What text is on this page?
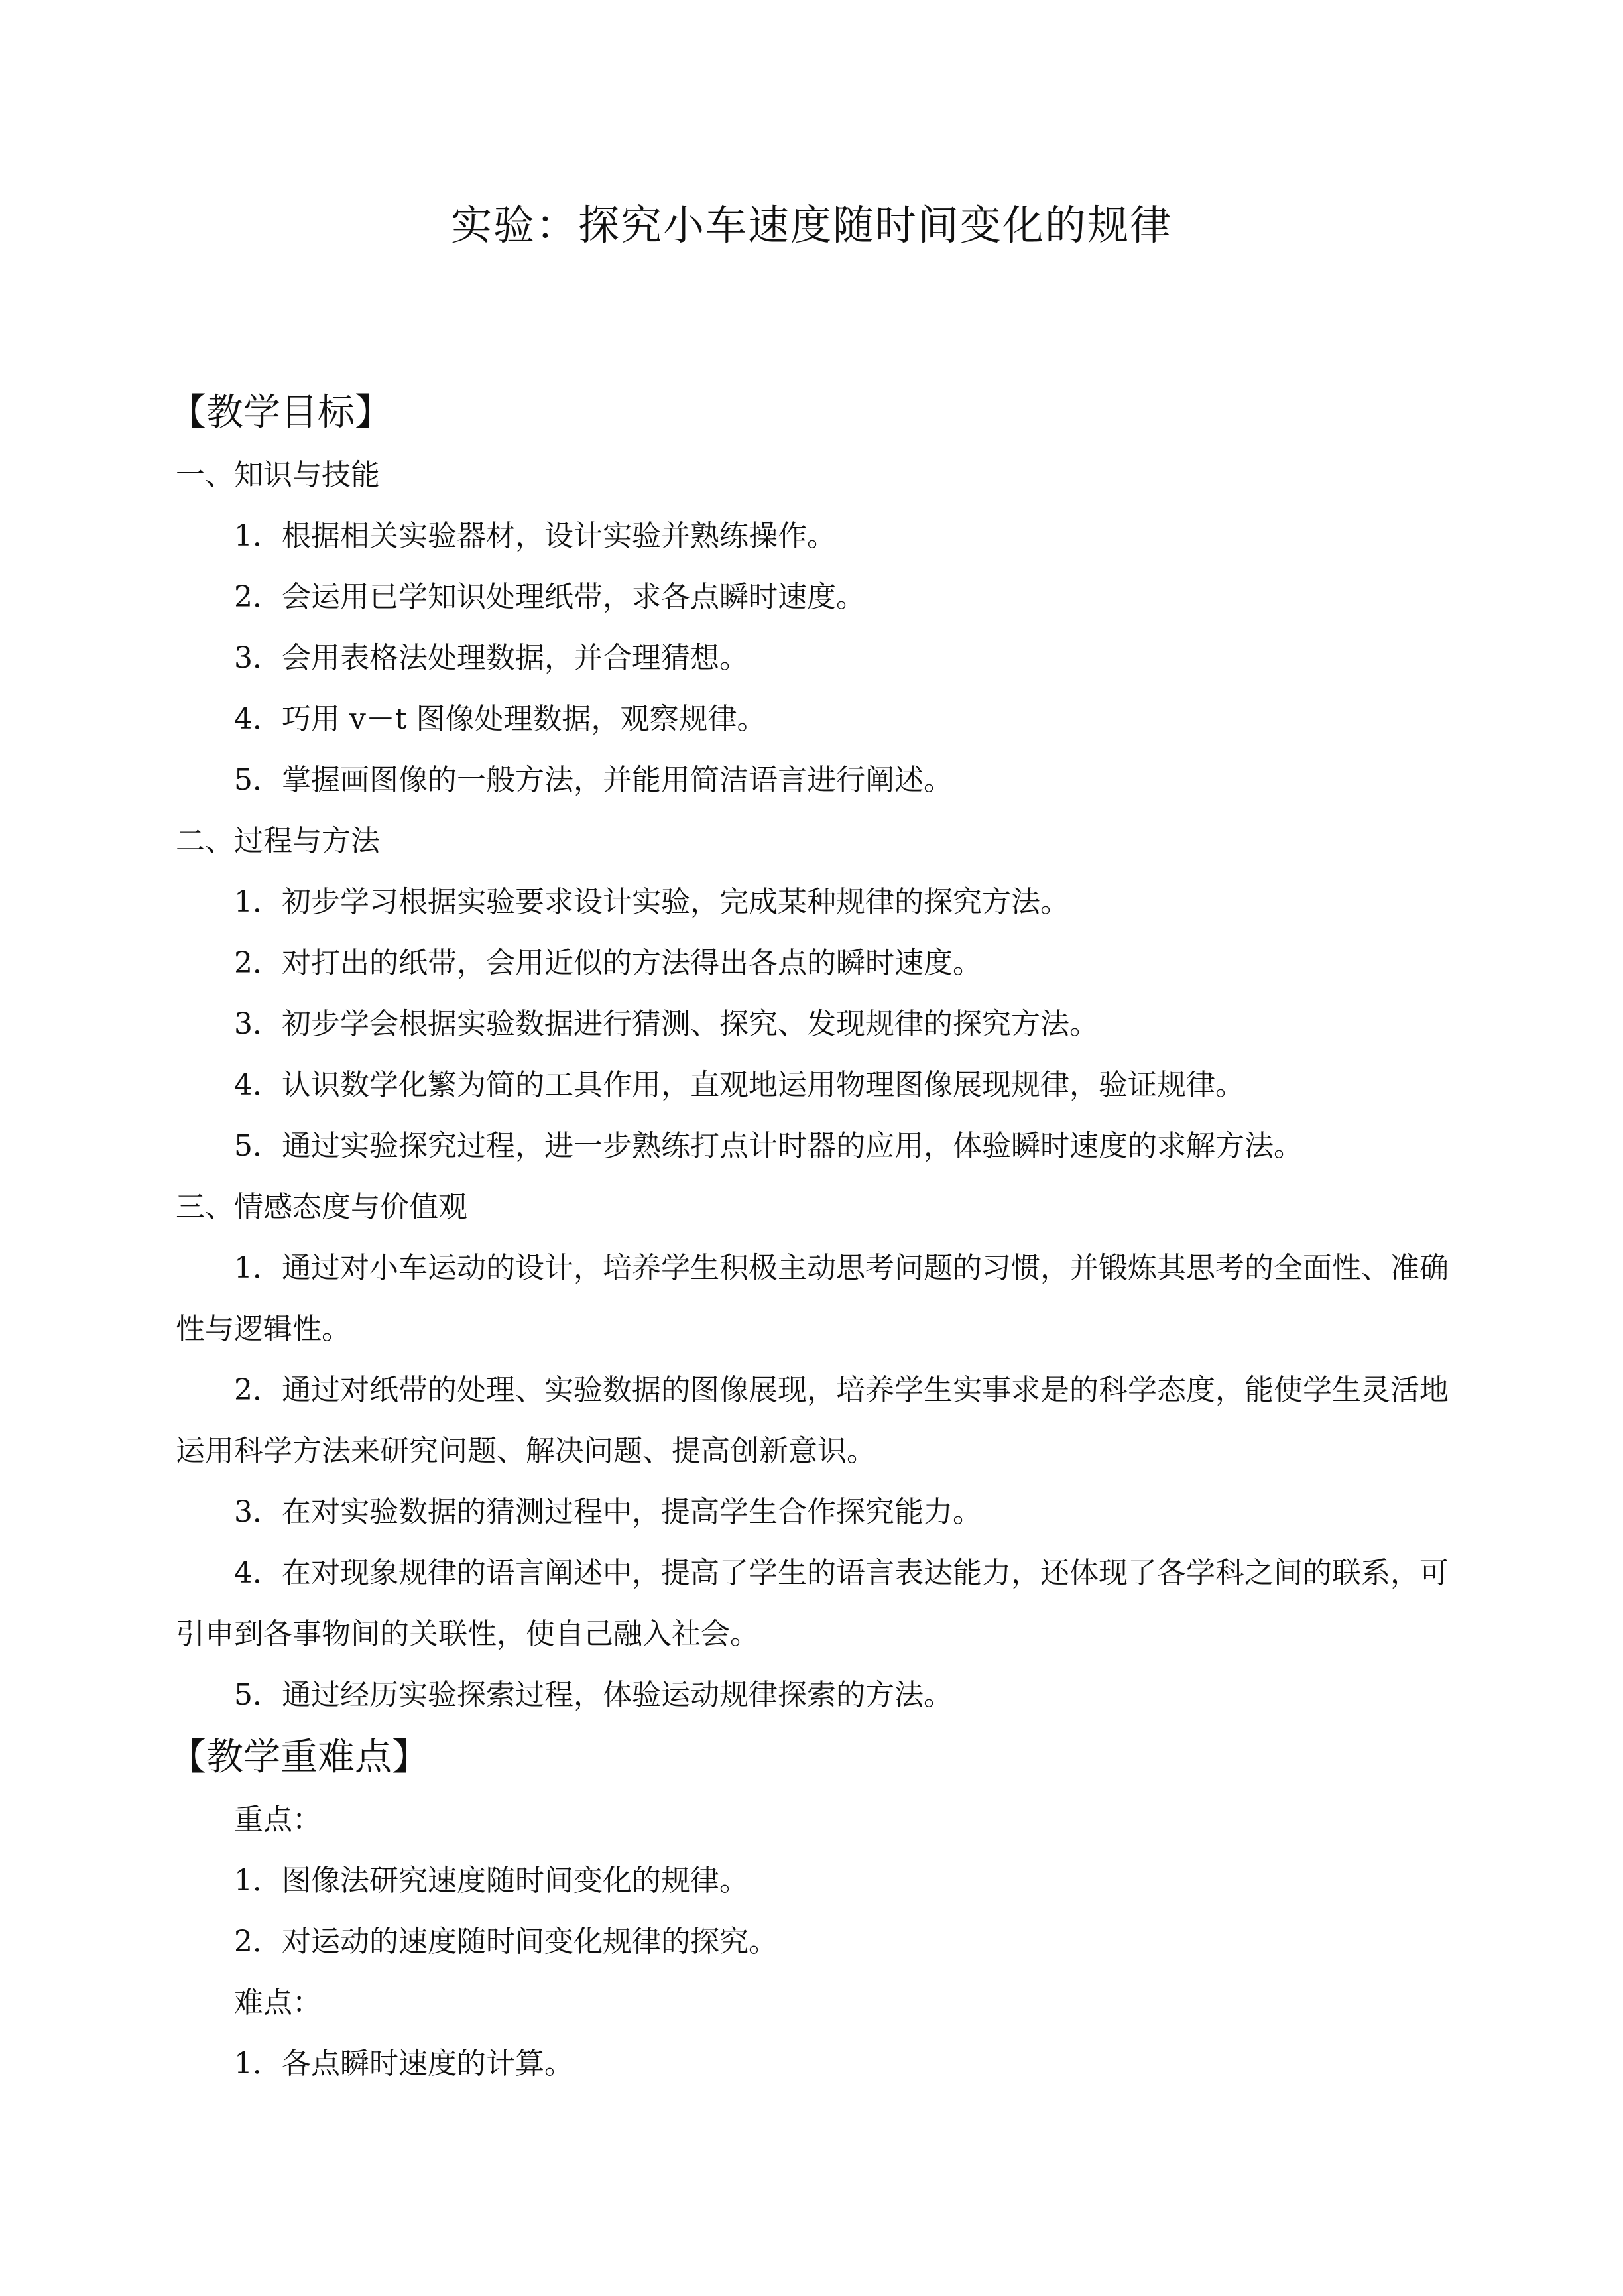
实验：探究小车速度随时间变化的规律
【教学目标】
一、知识与技能
1．根据相关实验器材，设计实验并熟练操作。
2．会运用已学知识处理纸带，求各点瞬时速度。
3．会用表格法处理数据，并合理猜想。
4．巧用 v－t 图像处理数据，观察规律。
5．掌握画图像的一般方法，并能用简洁语言进行阐述。
二、过程与方法
1．初步学习根据实验要求设计实验，完成某种规律的探究方法。
2．对打出的纸带，会用近似的方法得出各点的瞬时速度。
3．初步学会根据实验数据进行猜测、探究、发现规律的探究方法。
4．认识数学化繁为简的工具作用，直观地运用物理图像展现规律，验证规律。
5．通过实验探究过程，进一步熟练打点计时器的应用，体验瞬时速度的求解方法。
三、情感态度与价值观
1．通过对小车运动的设计，培养学生积极主动思考问题的习惯，并锻炼其思考的全面性、准确性与逻辑性。
2．通过对纸带的处理、实验数据的图像展现，培养学生实事求是的科学态度，能使学生灵活地运用科学方法来研究问题、解决问题、提高创新意识。
3．在对实验数据的猜测过程中，提高学生合作探究能力。
4．在对现象规律的语言阐述中，提高了学生的语言表达能力，还体现了各学科之间的联系，可引申到各事物间的关联性，使自己融入社会。
5．通过经历实验探索过程，体验运动规律探索的方法。
【教学重难点】
重点：
1．图像法研究速度随时间变化的规律。
2．对运动的速度随时间变化规律的探究。
难点：
1．各点瞬时速度的计算。
